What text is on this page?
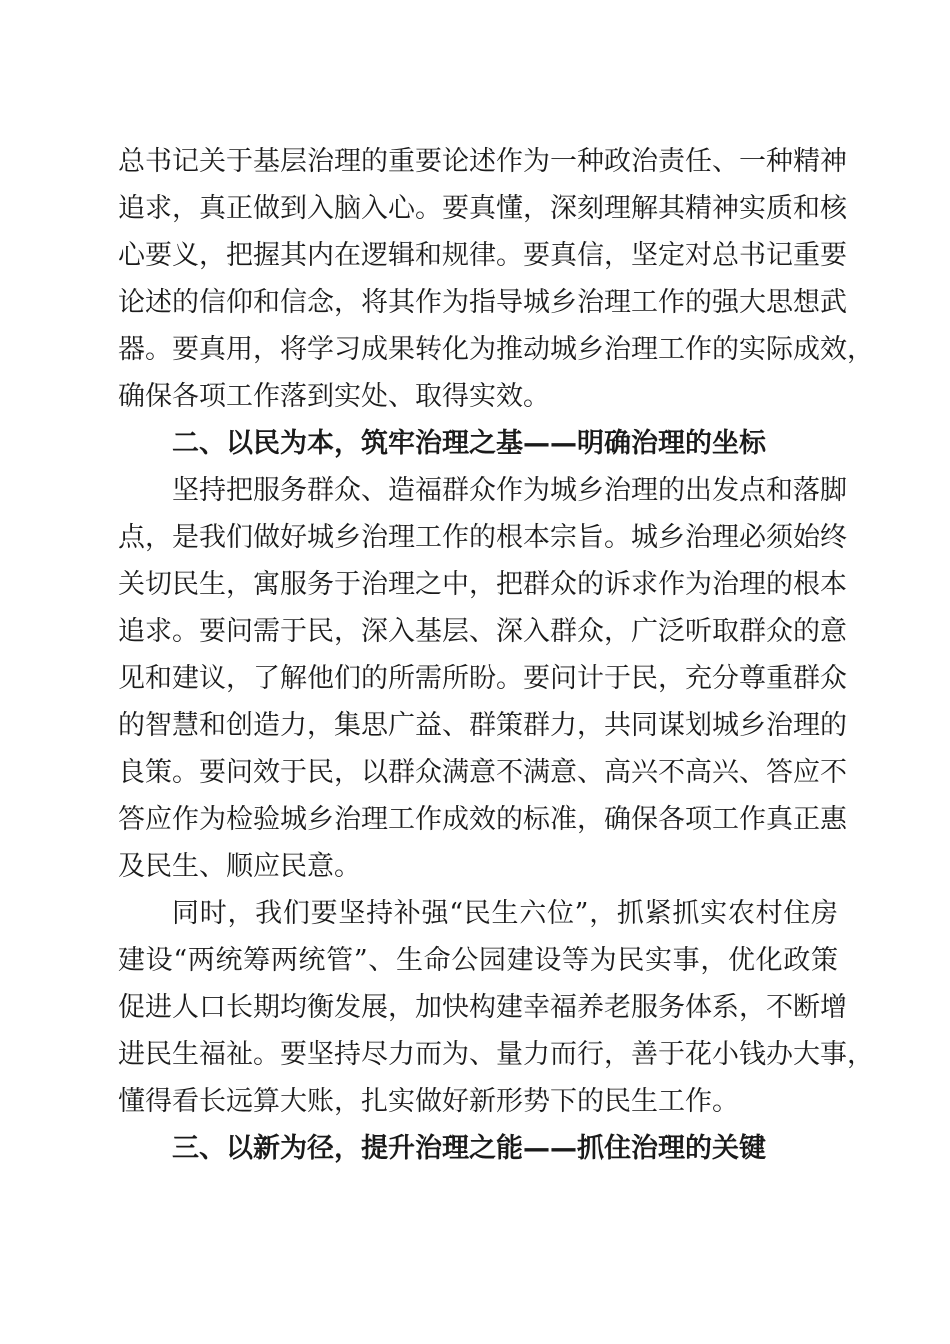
总书记关于基层治理的重要论述作为一种政治责任、一种精神
追求，真正做到入脑入心。要真懂，深刻理解其精神实质和核
心要义，把握其内在逻辑和规律。要真信，坚定对总书记重要
论述的信仰和信念，将其作为指导城乡治理工作的强大思想武
器。要真用，将学习成果转化为推动城乡治理工作的实际成效，
确保各项工作落到实处、取得实效。
二、以民为本，筑牢治理之基——明确治理的坐标
坚持把服务群众、造福群众作为城乡治理的出发点和落脚
点，是我们做好城乡治理工作的根本宗旨。城乡治理必须始终
关切民生，寓服务于治理之中，把群众的诉求作为治理的根本
追求。要问需于民，深入基层、深入群众，广泛听取群众的意
见和建议，了解他们的所需所盼。要问计于民，充分尊重群众
的智慧和创造力，集思广益、群策群力，共同谋划城乡治理的
良策。要问效于民，以群众满意不满意、高兴不高兴、答应不
答应作为检验城乡治理工作成效的标准，确保各项工作真正惠
及民生、顺应民意。
同时，我们要坚持补强“民生六位”，抓紧抓实农村住房
建设“两统筹两统管”、生命公园建设等为民实事，优化政策
促进人口长期均衡发展，加快构建幸福养老服务体系，不断增
进民生福祉。要坚持尽力而为、量力而行，善于花小钱办大事，
懂得看长远算大账，扎实做好新形势下的民生工作。
三、以新为径，提升治理之能——抓住治理的关键
